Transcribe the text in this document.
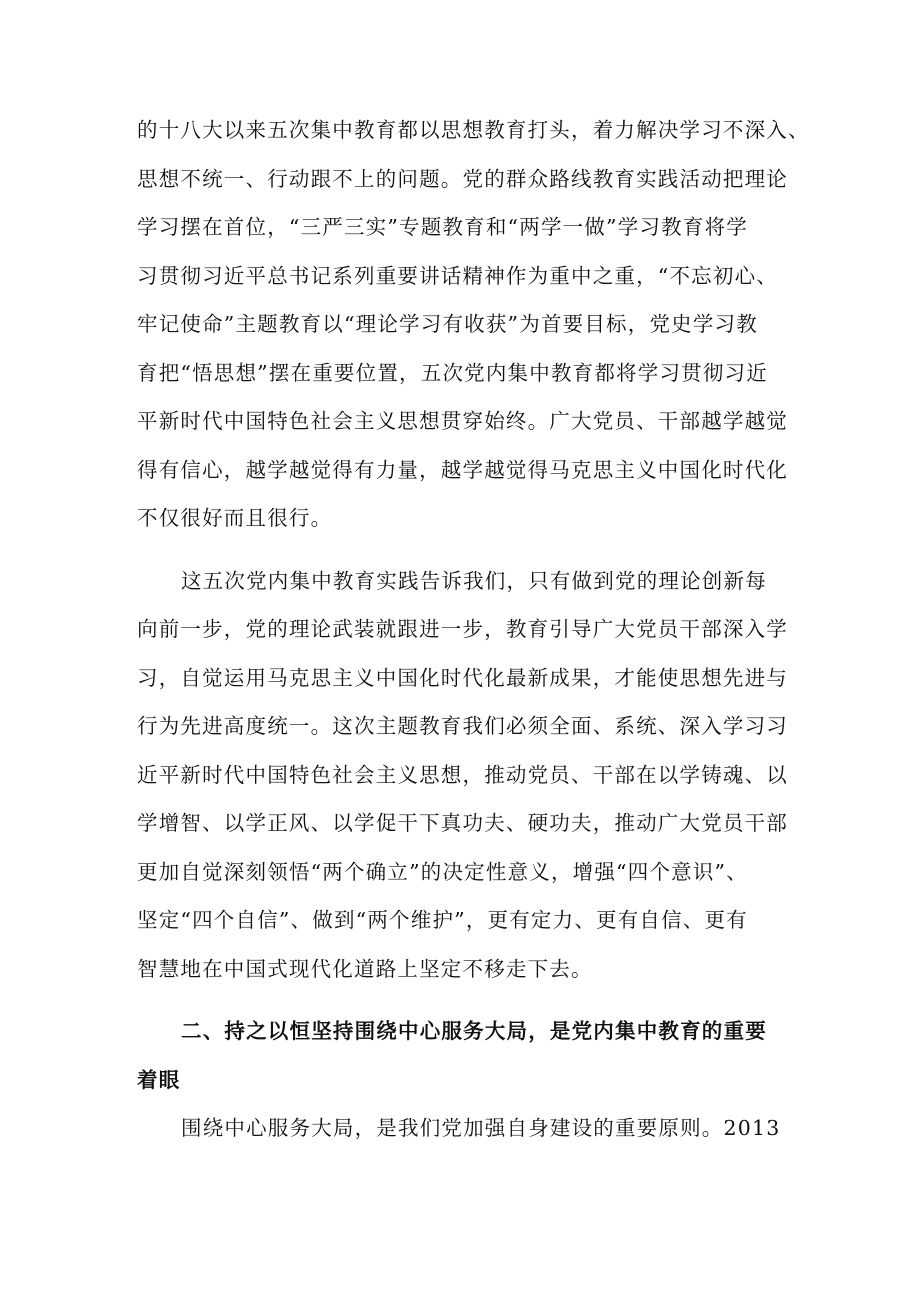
的十八大以来五次集中教育都以思想教育打头，着力解决学习不深入、
思想不统一、行动跟不上的问题。党的群众路线教育实践活动把理论
学习摆在首位，“三严三实”专题教育和“两学一做”学习教育将学
习贯彻习近平总书记系列重要讲话精神作为重中之重，“不忘初心、
牢记使命”主题教育以“理论学习有收获”为首要目标，党史学习教
育把“悟思想”摆在重要位置，五次党内集中教育都将学习贯彻习近
平新时代中国特色社会主义思想贯穿始终。广大党员、干部越学越觉
得有信心，越学越觉得有力量，越学越觉得马克思主义中国化时代化
不仅很好而且很行。
这五次党内集中教育实践告诉我们，只有做到党的理论创新每
向前一步，党的理论武装就跟进一步，教育引导广大党员干部深入学
习，自觉运用马克思主义中国化时代化最新成果，才能使思想先进与
行为先进高度统一。这次主题教育我们必须全面、系统、深入学习习
近平新时代中国特色社会主义思想，推动党员、干部在以学铸魂、以
学增智、以学正风、以学促干下真功夫、硬功夫，推动广大党员干部
更加自觉深刻领悟“两个确立”的决定性意义，增强“四个意识”、
坚定“四个自信”、做到“两个维护”，更有定力、更有自信、更有
智慧地在中国式现代化道路上坚定不移走下去。
二、持之以恒坚持围绕中心服务大局，是党内集中教育的重要
着眼
围绕中心服务大局，是我们党加强自身建设的重要原则。2013
